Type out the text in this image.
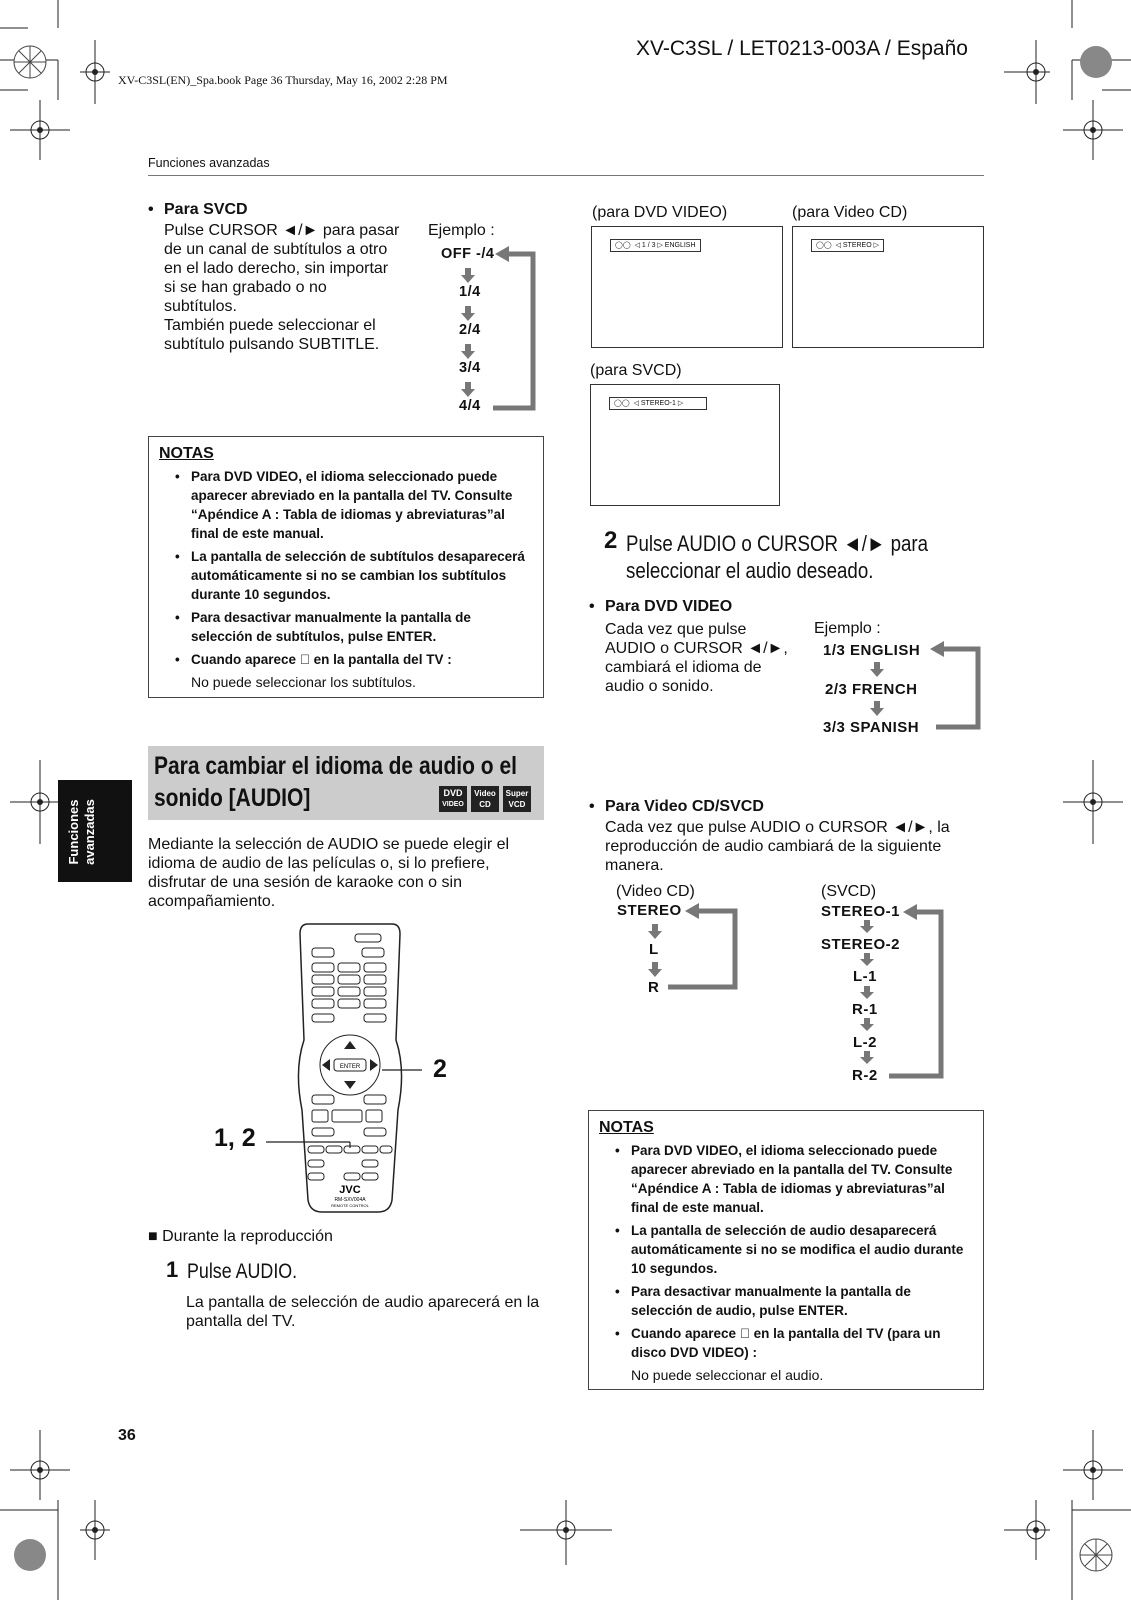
XV-C3SL / LET0213-003A / Españo
XV-C3SL(EN)_Spa.book Page 36 Thursday, May 16, 2002 2:28 PM
Funciones avanzadas
Funciones avanzadas
• Para SVCD
Pulse CURSOR ◄/► para pasar
de un canal de subtítulos a otro
en el lado derecho, sin importar
si se han grabado o no
subtítulos.
También puede seleccionar el
subtítulo pulsando SUBTITLE.
Ejemplo :
OFF -/4
1/4
2/4
3/4
4/4
NOTAS
• Para DVD VIDEO, el idioma seleccionado puede aparecer abreviado en la pantalla del TV. Consulte “Apéndice A : Tabla de idiomas y abreviaturas”al final de este manual.
• La pantalla de selección de subtítulos desaparecerá automáticamente si no se cambian los subtítulos durante 10 segundos.
• Para desactivar manualmente la pantalla de selección de subtítulos, pulse ENTER.
• Cuando aparece ⃠ en la pantalla del TV :
No puede seleccionar los subtítulos.
Para cambiar el idioma de audio o el
sonido [AUDIO]	DVD
VIDEO
Video
CD
Super
VCD
Mediante la selección de AUDIO se puede elegir el idioma de audio de las películas o, si lo prefiere, disfrutar de una sesión de karaoke con o sin acompañamiento.
ENTER
JVC
RM-SXV004A
REMOTE CONTROL
2
1, 2
■ Durante la reproducción
1 Pulse AUDIO.
La pantalla de selección de audio aparecerá en la pantalla del TV.
(para DVD VIDEO)	(para Video CD)
◯◯ ◁ 1 / 3 ▷ ENGLISH	◯◯ ◁ STEREO ▷
(para SVCD)
◯◯ ◁ STEREO-1 ▷
2 Pulse AUDIO o CURSOR ◄/► para
seleccionar el audio deseado.
• Para DVD VIDEO
Cada vez que pulse
AUDIO o CURSOR ◄/►,
cambiará el idioma de
audio o sonido.
Ejemplo :
1/3 ENGLISH
2/3 FRENCH
3/3 SPANISH
• Para Video CD/SVCD
Cada vez que pulse AUDIO o CURSOR ◄/►, la reproducción de audio cambiará de la siguiente manera.
(Video CD)	(SVCD)
STEREO
L
R
STEREO-1
STEREO-2
L-1
R-1
L-2
R-2
NOTAS
• Para DVD VIDEO, el idioma seleccionado puede aparecer abreviado en la pantalla del TV. Consulte “Apéndice A : Tabla de idiomas y abreviaturas”al final de este manual.
• La pantalla de selección de audio desaparecerá automáticamente si no se modifica el audio durante 10 segundos.
• Para desactivar manualmente la pantalla de selección de audio, pulse ENTER.
• Cuando aparece ⃠ en la pantalla del TV (para un disco DVD VIDEO) :
No puede seleccionar el audio.
36
